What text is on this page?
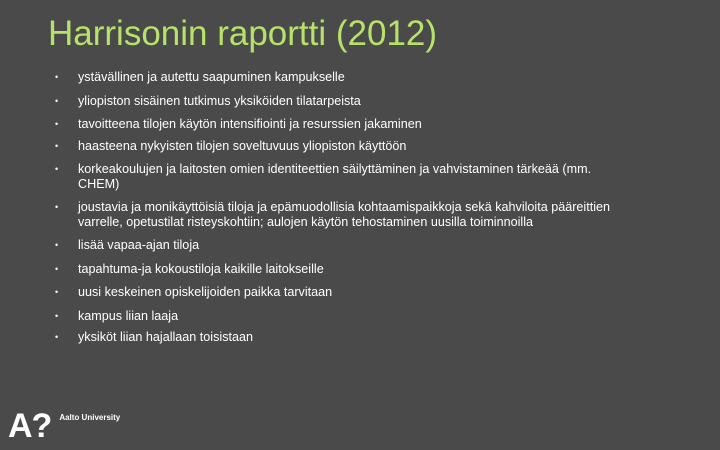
Harrisonin raportti (2012)
• ystävällinen ja autettu saapuminen kampukselle
• yliopiston sisäinen tutkimus yksiköiden tilatarpeista
• tavoitteena tilojen käytön intensifiointi ja resurssien jakaminen
• haasteena nykyisten tilojen soveltuvuus yliopiston käyttöön
• korkeakoulujen ja laitosten omien identiteettien säilyttäminen ja vahvistaminen tärkeää (mm. CHEM)
• joustavia ja monikäyttöisiä tiloja ja epämuodollisia kohtaamispaikkoja sekä kahviloita pääreittien varrelle, opetustilat risteyskohtiin; aulojen käytön tehostaminen uusilla toiminnoilla
• lisää vapaa-ajan tiloja
• tapahtuma-ja kokoustiloja kaikille laitokseille
• uusi keskeinen opiskelijoiden paikka tarvitaan
• kampus liian laaja
• yksiköt liian hajallaan toisistaan
A? Aalto University
